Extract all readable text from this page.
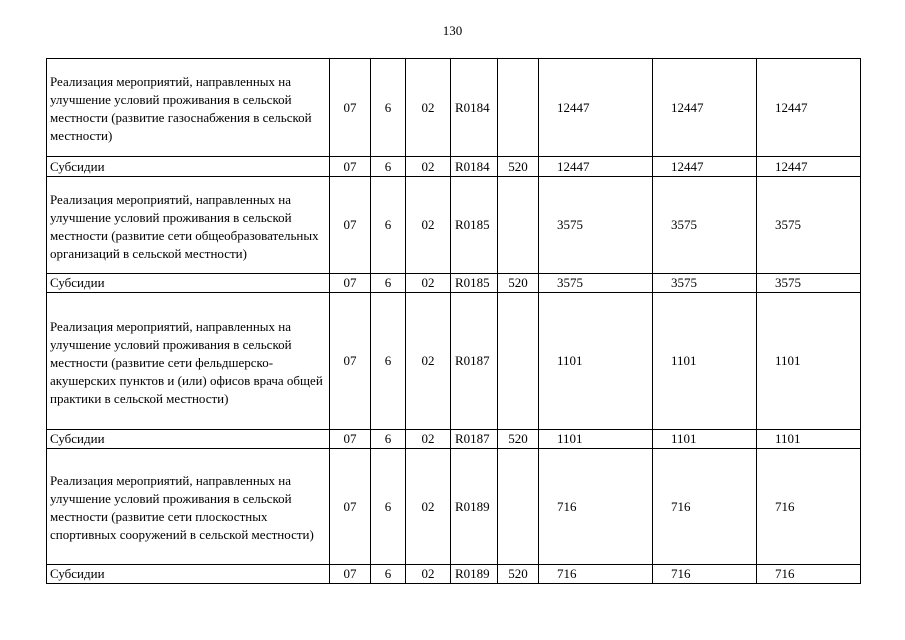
130
Реализация мероприятий, направленных на улучшение условий проживания в сельской местности (развитие газоснабжения в сельской местности)	07	6	02	R0184		12447	12447	12447
Субсидии	07	6	02	R0184	520	12447	12447	12447
Реализация мероприятий, направленных на улучшение условий проживания в сельской местности (развитие сети общеобразовательных организаций в сельской местности)	07	6	02	R0185		3575	3575	3575
Субсидии	07	6	02	R0185	520	3575	3575	3575
Реализация мероприятий, направленных на улучшение условий проживания в сельской местности (развитие сети фельдшерско-акушерских пунктов и (или) офисов врача общей практики в сельской местности)	07	6	02	R0187		1101	1101	1101
Субсидии	07	6	02	R0187	520	1101	1101	1101
Реализация мероприятий, направленных на улучшение условий проживания в сельской местности (развитие сети плоскостных спортивных сооружений в сельской местности)	07	6	02	R0189		716	716	716
Субсидии	07	6	02	R0189	520	716	716	716
